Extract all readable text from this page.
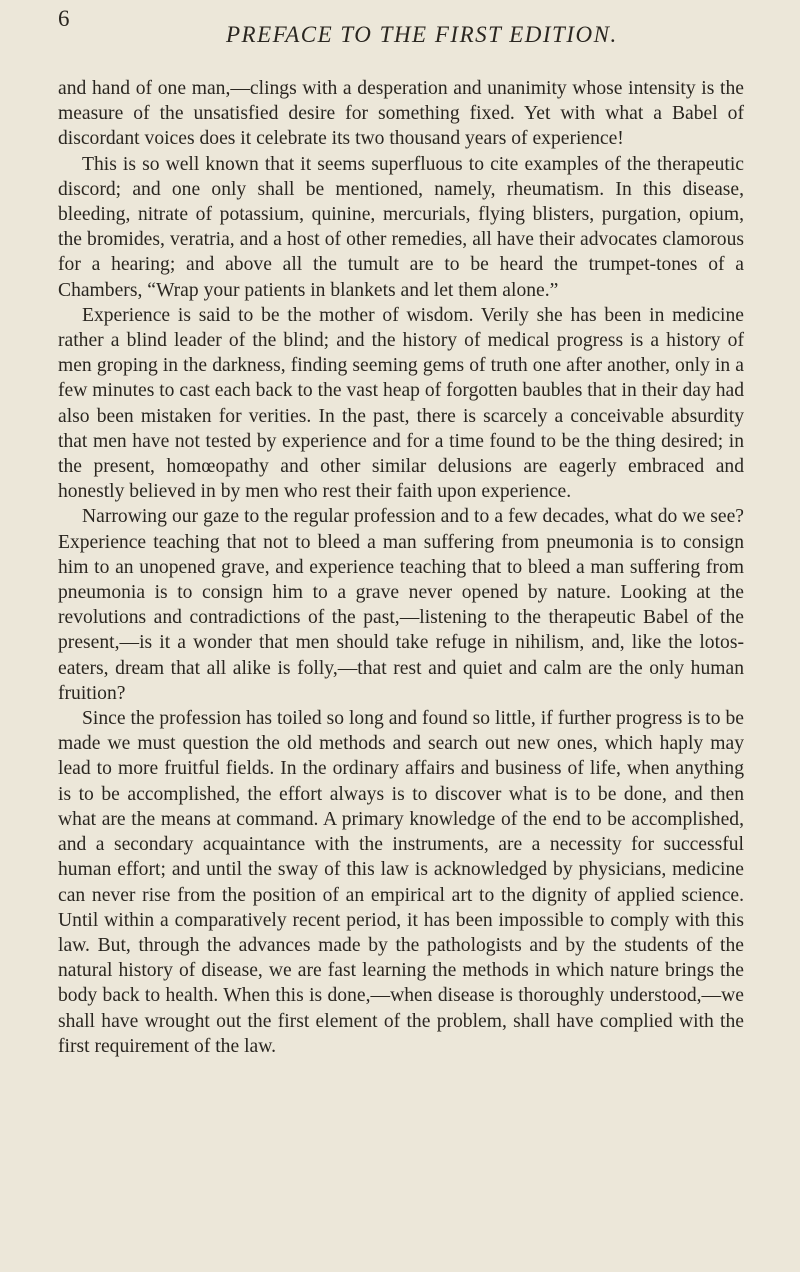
6
PREFACE TO THE FIRST EDITION.

and hand of one man,—clings with a desperation and unanimity whose intensity is the measure of the unsatisfied desire for something fixed. Yet with what a Babel of discordant voices does it celebrate its two thousand years of experience!

This is so well known that it seems superfluous to cite examples of the therapeutic discord; and one only shall be mentioned, namely, rheumatism. In this disease, bleeding, nitrate of potassium, quinine, mercurials, flying blisters, purgation, opium, the bromides, veratria, and a host of other remedies, all have their advocates clamorous for a hearing; and above all the tumult are to be heard the trumpet-tones of a Chambers, “Wrap your patients in blankets and let them alone.”

Experience is said to be the mother of wisdom. Verily she has been in medicine rather a blind leader of the blind; and the history of medical progress is a history of men groping in the darkness, finding seeming gems of truth one after another, only in a few minutes to cast each back to the vast heap of forgotten baubles that in their day had also been mistaken for verities. In the past, there is scarcely a conceivable absurdity that men have not tested by experience and for a time found to be the thing desired; in the present, homœopathy and other similar delusions are eagerly embraced and honestly believed in by men who rest their faith upon experience.

Narrowing our gaze to the regular profession and to a few decades, what do we see? Experience teaching that not to bleed a man suffering from pneumonia is to consign him to an unopened grave, and experience teaching that to bleed a man suffering from pneumonia is to consign him to a grave never opened by nature. Looking at the revolutions and contradictions of the past,—listening to the therapeutic Babel of the present,—is it a wonder that men should take refuge in nihilism, and, like the lotos-eaters, dream that all alike is folly,—that rest and quiet and calm are the only human fruition?

Since the profession has toiled so long and found so little, if further progress is to be made we must question the old methods and search out new ones, which haply may lead to more fruitful fields. In the ordinary affairs and business of life, when anything is to be accomplished, the effort always is to discover what is to be done, and then what are the means at command. A primary knowledge of the end to be accomplished, and a secondary acquaintance with the instruments, are a necessity for successful human effort; and until the sway of this law is acknowledged by physicians, medicine can never rise from the position of an empirical art to the dignity of applied science. Until within a comparatively recent period, it has been impossible to comply with this law. But, through the advances made by the pathologists and by the students of the natural history of disease, we are fast learning the methods in which nature brings the body back to health. When this is done,—when disease is thoroughly understood,—we shall have wrought out the first element of the problem, shall have complied with the first requirement of the law.
